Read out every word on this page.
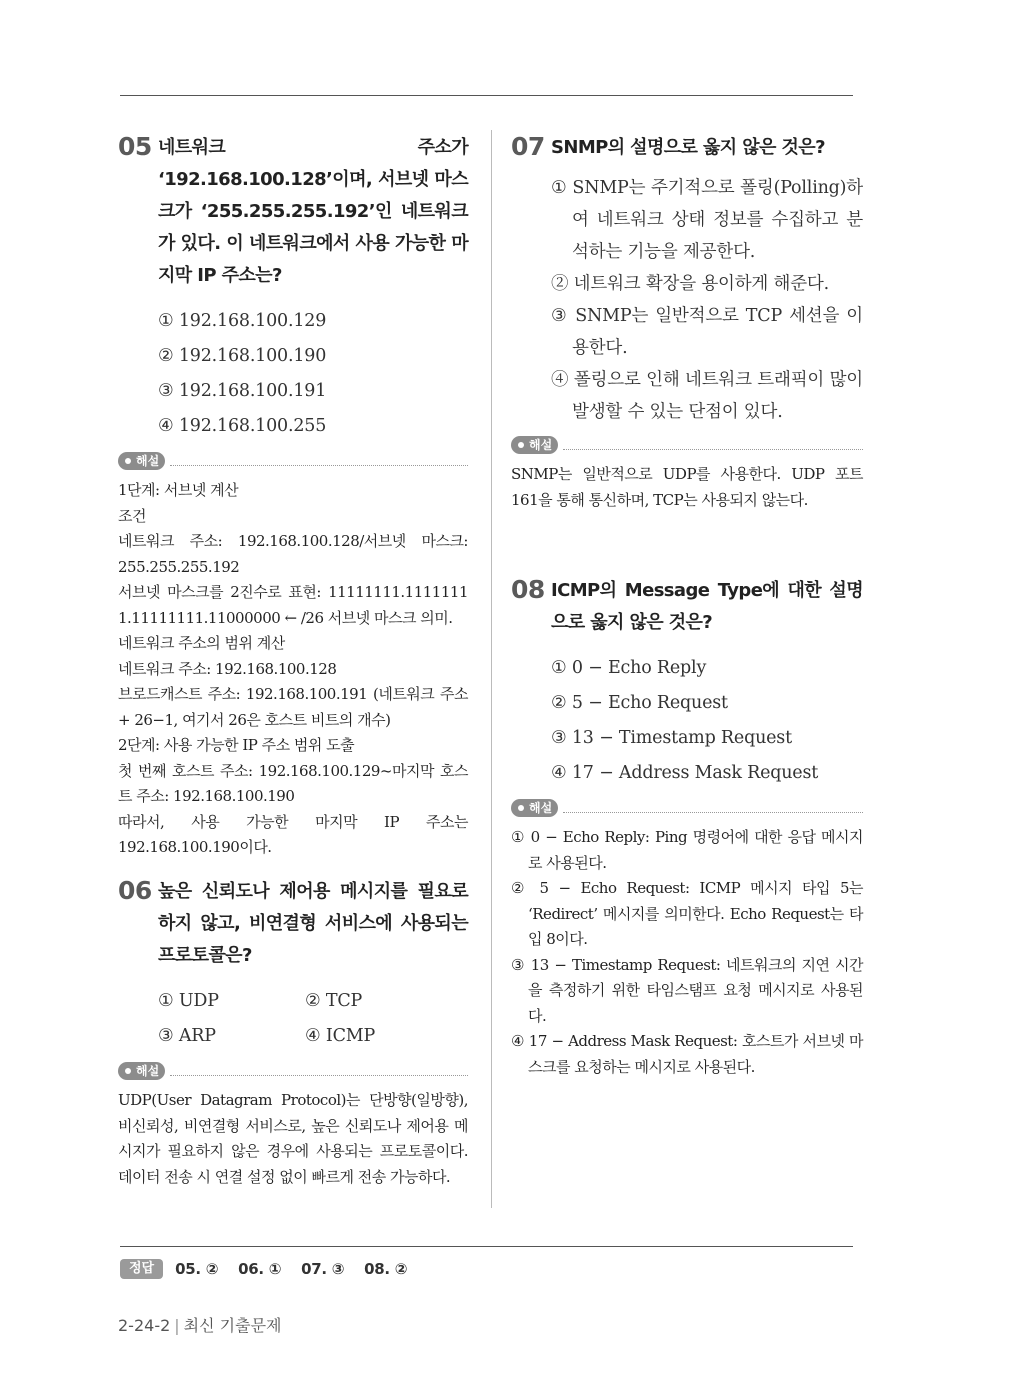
05 네트워크 주소가 ‘192.168.100.128’이며, 서브넷 마스크가 ‘255.255.255.192’인 네트워크가 있다. 이 네트워크에서 사용 가능한 마지막 IP 주소는?
① 192.168.100.129
② 192.168.100.190
③ 192.168.100.191
④ 192.168.100.255
해설
1단계: 서브넷 계산
조건
네트워크 주소: 192.168.100.128/서브넷 마스크: 255.255.255.192
서브넷 마스크를 2진수로 표현: 11111111.11111111.11111111.11000000 ← /26 서브넷 마스크 의미.
네트워크 주소의 범위 계산
네트워크 주소: 192.168.100.128
브로드캐스트 주소: 192.168.100.191 (네트워크 주소 + 26−1, 여기서 26은 호스트 비트의 개수)
2단계: 사용 가능한 IP 주소 범위 도출
첫 번째 호스트 주소: 192.168.100.129~마지막 호스트 주소: 192.168.100.190
따라서, 사용 가능한 마지막 IP 주소는 192.168.100.190이다.
06 높은 신뢰도나 제어용 메시지를 필요로 하지 않고, 비연결형 서비스에 사용되는 프로토콜은?
① UDP	② TCP
③ ARP	④ ICMP
해설
UDP(User Datagram Protocol)는 단방향(일방향), 비신뢰성, 비연결형 서비스로, 높은 신뢰도나 제어용 메시지가 필요하지 않은 경우에 사용되는 프로토콜이다. 데이터 전송 시 연결 설정 없이 빠르게 전송 가능하다.
07 SNMP의 설명으로 옳지 않은 것은?
① SNMP는 주기적으로 폴링(Polling)하여 네트워크 상태 정보를 수집하고 분석하는 기능을 제공한다.
② 네트워크 확장을 용이하게 해준다.
③ SNMP는 일반적으로 TCP 세션을 이용한다.
④ 폴링으로 인해 네트워크 트래픽이 많이 발생할 수 있는 단점이 있다.
해설
SNMP는 일반적으로 UDP를 사용한다. UDP 포트 161을 통해 통신하며, TCP는 사용되지 않는다.
08 ICMP의 Message Type에 대한 설명으로 옳지 않은 것은?
① 0 − Echo Reply
② 5 − Echo Request
③ 13 − Timestamp Request
④ 17 − Address Mask Request
해설
① 0 − Echo Reply: Ping 명령어에 대한 응답 메시지로 사용된다.
② 5 − Echo Request: ICMP 메시지 타입 5는 ‘Redirect’ 메시지를 의미한다. Echo Request는 타입 8이다.
③ 13 − Timestamp Request: 네트워크의 지연 시간을 측정하기 위한 타임스탬프 요청 메시지로 사용된다.
④ 17 − Address Mask Request: 호스트가 서브넷 마스크를 요청하는 메시지로 사용된다.
정답	05. ② 06. ① 07. ③ 08. ②
2-24-2 | 최신 기출문제
